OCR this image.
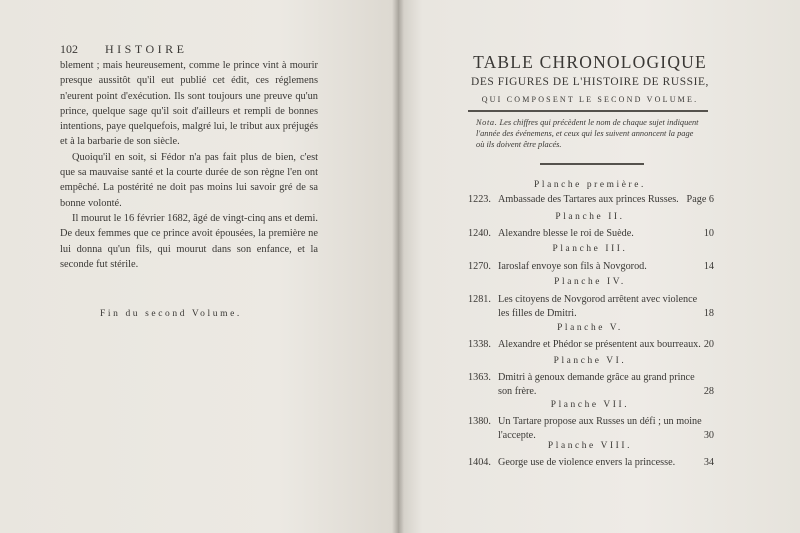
102 HISTOIRE

blement ; mais heureusement, comme le prince vint à mourir presque aussitôt qu'il eut publié cet édit, ces réglemens n'eurent point d'exécution. Ils sont toujours une preuve qu'un prince, quelque sage qu'il soit d'ailleurs et rempli de bonnes intentions, paye quelquefois, malgré lui, le tribut aux préjugés et à la barbarie de son siècle.

Quoiqu'il en soit, si Fédor n'a pas fait plus de bien, c'est que sa mauvaise santé et la courte durée de son règne l'en ont empêché. La postérité ne doit pas moins lui savoir gré de sa bonne volonté.

Il mourut le 16 février 1682, âgé de vingt-cinq ans et demi. De deux femmes que ce prince avoit épousées, la première ne lui donna qu'un fils, qui mourut dans son enfance, et la seconde fut stérile.

Fin du second Volume.
TABLE CHRONOLOGIQUE
DES FIGURES DE L'HISTOIRE DE RUSSIE,
QUI COMPOSENT LE SECOND VOLUME.
Nota. Les chiffres qui précèdent le nom de chaque sujet indiquent l'année des événemens, et ceux qui les suivent annoncent la page où ils doivent être placés.
Planche première.
1223. Ambassade des Tartares aux princes Russes. Page 6
Planche II.
1240. Alexandre blesse le roi de Suède.	10
Planche III.
1270. Iaroslaf envoye son fils à Novgorod.	14
Planche IV.
1281. Les citoyens de Novgorod arrêtent avec violence
les filles de Dmitri.	18
Planche V.
1338. Alexandre et Phédor se présentent aux bourreaux. 20
Planche VI.
1363. Dmitri à genoux demande grâce au grand prince
son frère.	28
Planche VII.
1380. Un Tartare propose aux Russes un défi ; un moine
l'accepte.	30
Planche VIII.
1404. George use de violence envers la princesse.	34
